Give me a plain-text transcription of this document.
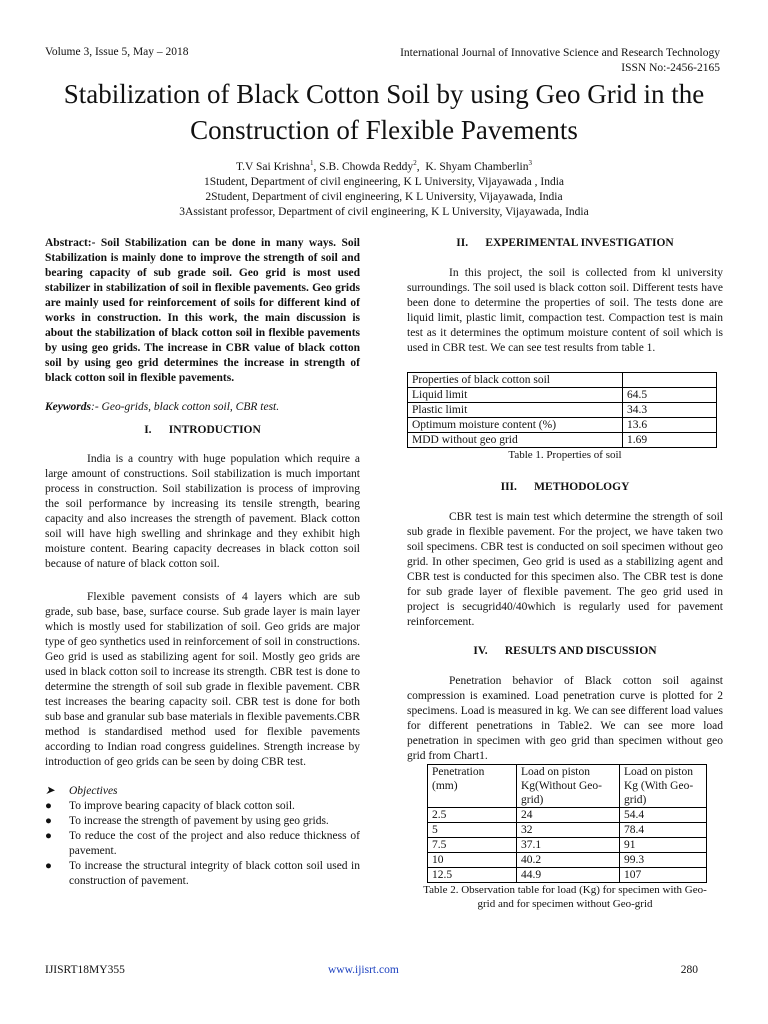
Volume 3, Issue 5, May – 2018	International Journal of Innovative Science and Research Technology
ISSN No:-2456-2165
Stabilization of Black Cotton Soil by using Geo Grid in the Construction of Flexible Pavements
T.V Sai Krishna$^1$, S.B. Chowda Reddy$^2$,  K. Shyam Chamberlin$^3$
1Student, Department of civil engineering, K L University, Vijayawada , India
2Student, Department of civil engineering, K L University, Vijayawada, India
3Assistant professor, Department of civil engineering, K L University, Vijayawada, India

Abstract:- Soil Stabilization can be done in many ways. Soil Stabilization is mainly done to improve the strength of soil and bearing capacity of sub grade soil. Geo grid is most used stabilizer in stabilization of soil in flexible pavements. Geo grids are mainly used for reinforcement of soils for different kind of works in construction. In this work, the main discussion is about the stabilization of black cotton soil in flexible pavements by using geo grids. The increase in CBR value of black cotton soil by using geo grid determines the increase in strength of black cotton soil in flexible pavements.

Keywords:- Geo-grids, black cotton soil, CBR test.

I. INTRODUCTION

India is a country with huge population which require a large amount of constructions. Soil stabilization is much important process in construction. Soil stabilization is process of improving the soil performance by increasing its tensile strength, bearing capacity and also increases the strength of pavement. Black cotton soil will have high swelling and shrinkage and they exhibit high moisture content. Bearing capacity decreases in black cotton soil because of nature of black cotton soil.

Flexible pavement consists of 4 layers which are sub grade, sub base, base, surface course. Sub grade layer is main layer which is mostly used for stabilization of soil. Geo grids are major type of geo synthetics used in reinforcement of soil in constructions. Geo grid is used as stabilizing agent for soil. Mostly geo grids are used in black cotton soil to increase its strength. CBR test is done to determine the strength of soil sub grade in flexible pavement. CBR test increases the bearing capacity soil. CBR test is done for both sub base and granular sub base materials in flexible pavements.CBR method is standardised method used for flexible pavements according to Indian road congress guidelines. Strength increase by introduction of geo grids can be seen by doing CBR test.

➤	Objectives
●	To improve bearing capacity of black cotton soil.
●	To increase the strength of pavement by using geo grids.
●	To reduce the cost of the project and also reduce thickness of pavement.
●	To increase the structural integrity of black cotton soil used in construction of pavement.

II. EXPERIMENTAL INVESTIGATION

In this project, the soil is collected from kl university surroundings. The soil used is black cotton soil. Different tests have been done to determine the properties of soil. The tests done are liquid limit, plastic limit, compaction test. Compaction test is main test as it determines the optimum moisture content of soil which is used in CBR test. We can see test results from table 1.

Properties of black cotton soil	
Liquid limit	64.5
Plastic limit	34.3
Optimum moisture content (%)	13.6
MDD without geo grid	1.69
Table 1. Properties of soil

III. METHODOLOGY

CBR test is main test which determine the strength of soil sub grade in flexible pavement. For the project, we have taken two soil specimens. CBR test is conducted on soil specimen without geo grid. In other specimen, Geo grid is used as a stabilizing agent and CBR test is conducted for this specimen also. The CBR test is done for sub grade layer of flexible pavement. The geo grid used in project is secugrid40/40which is regularly used for pavement reinforcement.

IV. RESULTS AND DISCUSSION

Penetration behavior of Black cotton soil against compression is examined. Load penetration curve is plotted for 2 specimens. Load is measured in kg. We can see different load values for different penetrations in Table2. We can see more load penetration in specimen with geo grid than specimen without geo grid from Chart1.

Penetration (mm)	Load on piston Kg(Without Geo-grid)	Load on piston Kg (With Geo-grid)
2.5	24	54.4
5	32	78.4
7.5	37.1	91
10	40.2	99.3
12.5	44.9	107
Table 2. Observation table for load (Kg) for specimen with Geo-grid and for specimen without Geo-grid
IJISRT18MY355	www.ijisrt.com	280
